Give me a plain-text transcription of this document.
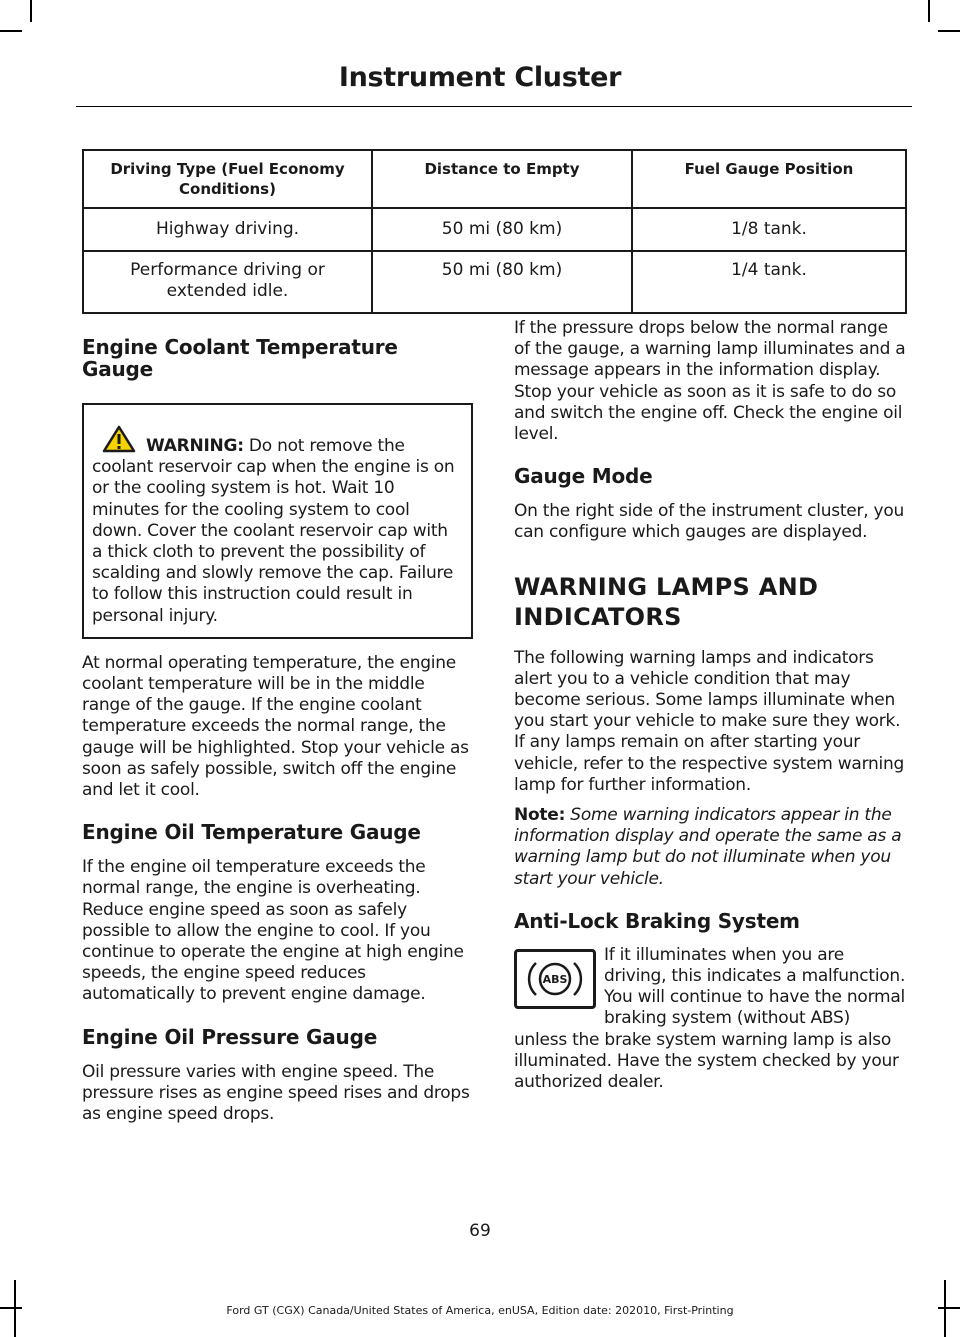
Instrument Cluster
Driving Type (Fuel Economy Conditions)	Distance to Empty	Fuel Gauge Position
Highway driving.	50 mi (80 km)	1/8 tank.
Performance driving or extended idle.	50 mi (80 km)	1/4 tank.
Engine Coolant Temperature Gauge

WARNING: Do not remove the coolant reservoir cap when the engine is on or the cooling system is hot. Wait 10 minutes for the cooling system to cool down. Cover the coolant reservoir cap with a thick cloth to prevent the possibility of scalding and slowly remove the cap. Failure to follow this instruction could result in personal injury.

At normal operating temperature, the engine coolant temperature will be in the middle range of the gauge. If the engine coolant temperature exceeds the normal range, the gauge will be highlighted. Stop your vehicle as soon as safely possible, switch off the engine and let it cool.

Engine Oil Temperature Gauge

If the engine oil temperature exceeds the normal range, the engine is overheating. Reduce engine speed as soon as safely possible to allow the engine to cool. If you continue to operate the engine at high engine speeds, the engine speed reduces automatically to prevent engine damage.

Engine Oil Pressure Gauge

Oil pressure varies with engine speed. The pressure rises as engine speed rises and drops as engine speed drops.

If the pressure drops below the normal range of the gauge, a warning lamp illuminates and a message appears in the information display. Stop your vehicle as soon as it is safe to do so and switch the engine off. Check the engine oil level.

Gauge Mode

On the right side of the instrument cluster, you can configure which gauges are displayed.

WARNING LAMPS AND
INDICATORS

The following warning lamps and indicators alert you to a vehicle condition that may become serious. Some lamps illuminate when you start your vehicle to make sure they work. If any lamps remain on after starting your vehicle, refer to the respective system warning lamp for further information.

Note: Some warning indicators appear in the information display and operate the same as a warning lamp but do not illuminate when you start your vehicle.

Anti-Lock Braking System
ABS

If it illuminates when you are driving, this indicates a malfunction. You will continue to have the normal braking system (without ABS) unless the brake system warning lamp is also illuminated. Have the system checked by your authorized dealer.

69
Ford GT (CGX) Canada/United States of America, enUSA, Edition date: 202010, First-Printing
